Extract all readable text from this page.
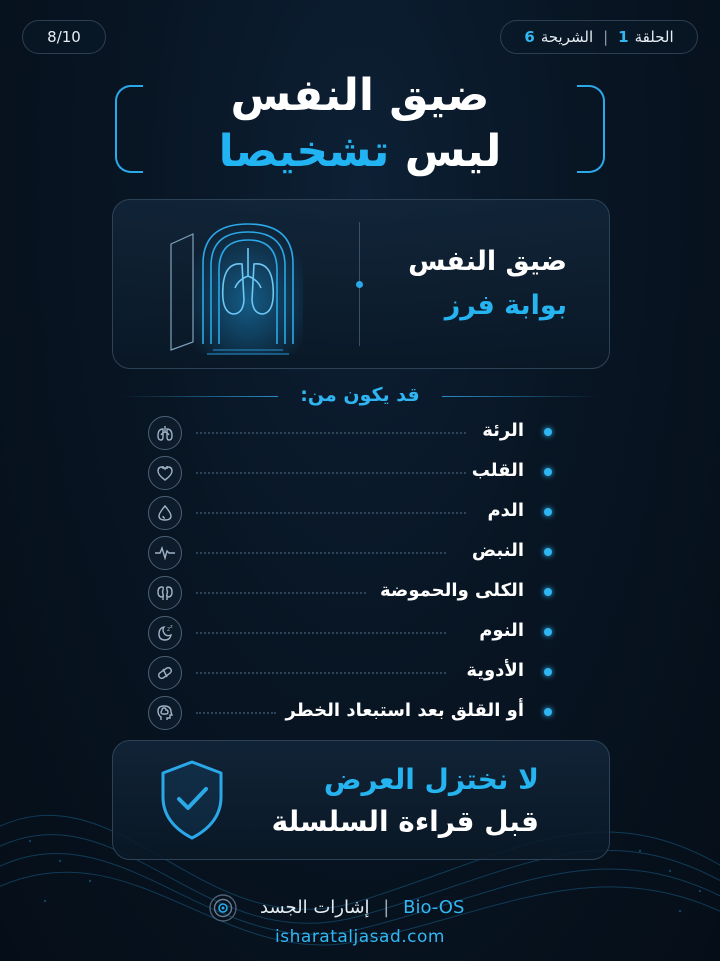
8/10	الحلقة
1
|
الشريحة
6
ضيق النفس
ليس تشخيصا
ضيق النفس
بوابة فرز
قد يكون من:
الرئة
القلب
الدم
النبض
الكلى والحموضة
z z	النوم
الأدوية
أو القلق بعد استبعاد الخطر
لا نختزل العرض
قبل قراءة السلسلة
إشارات الجسد | Bio-OS
isharataljasad.com
